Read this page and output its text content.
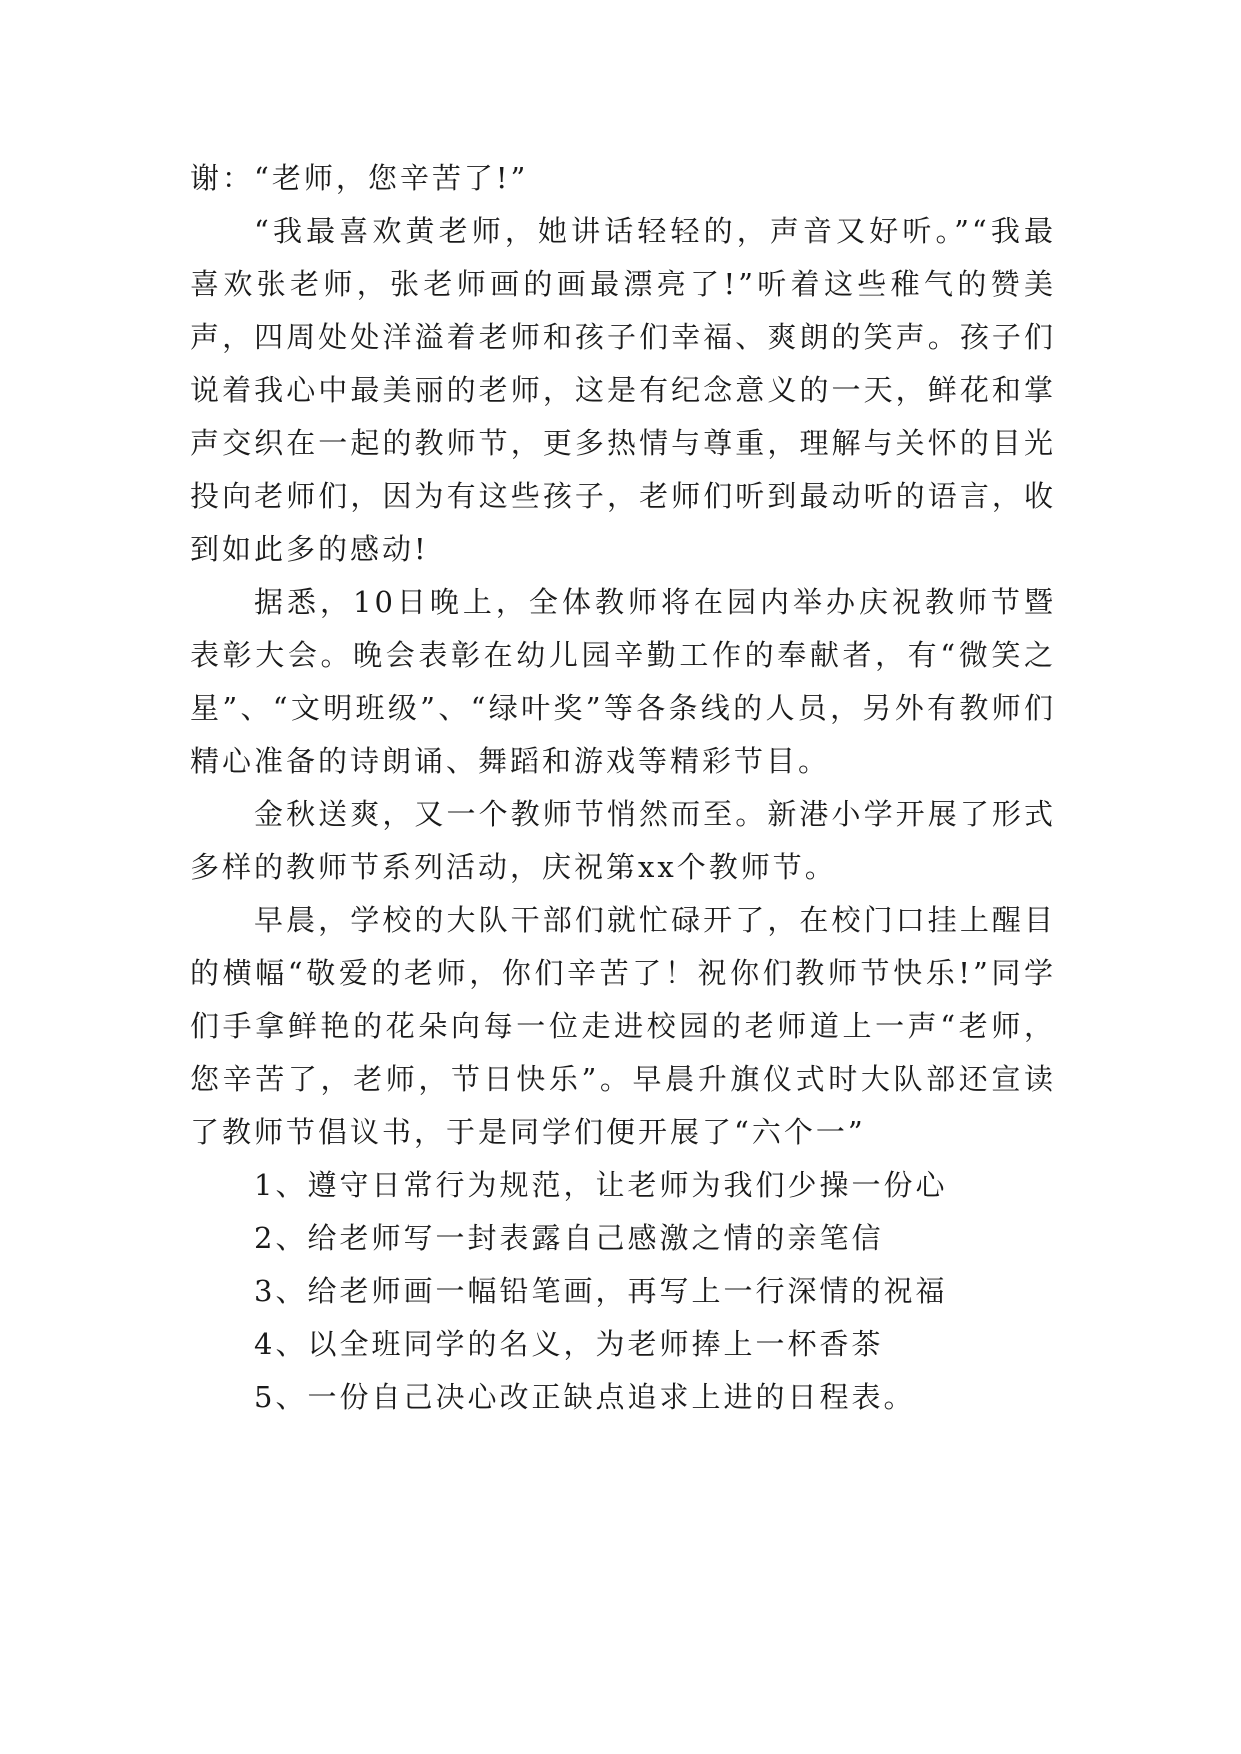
谢：“老师，您辛苦了!”

“我最喜欢黄老师，她讲话轻轻的，声音又好听。”“我最喜欢张老师，张老师画的画最漂亮了!”听着这些稚气的赞美声，四周处处洋溢着老师和孩子们幸福、爽朗的笑声。孩子们说着我心中最美丽的老师，这是有纪念意义的一天，鲜花和掌声交织在一起的教师节，更多热情与尊重，理解与关怀的目光投向老师们，因为有这些孩子，老师们听到最动听的语言，收到如此多的感动!

据悉，10日晚上，全体教师将在园内举办庆祝教师节暨表彰大会。晚会表彰在幼儿园辛勤工作的奉献者，有“微笑之星”、“文明班级”、“绿叶奖”等各条线的人员，另外有教师们精心准备的诗朗诵、舞蹈和游戏等精彩节目。

金秋送爽，又一个教师节悄然而至。新港小学开展了形式多样的教师节系列活动，庆祝第xx个教师节。

早晨，学校的大队干部们就忙碌开了，在校门口挂上醒目的横幅“敬爱的老师，你们辛苦了！祝你们教师节快乐!”同学们手拿鲜艳的花朵向每一位走进校园的老师道上一声“老师，您辛苦了，老师，节日快乐”。早晨升旗仪式时大队部还宣读了教师节倡议书，于是同学们便开展了“六个一”

1、遵守日常行为规范，让老师为我们少操一份心

2、给老师写一封表露自己感激之情的亲笔信

3、给老师画一幅铅笔画，再写上一行深情的祝福

4、以全班同学的名义，为老师捧上一杯香茶

5、一份自己决心改正缺点追求上进的日程表。
